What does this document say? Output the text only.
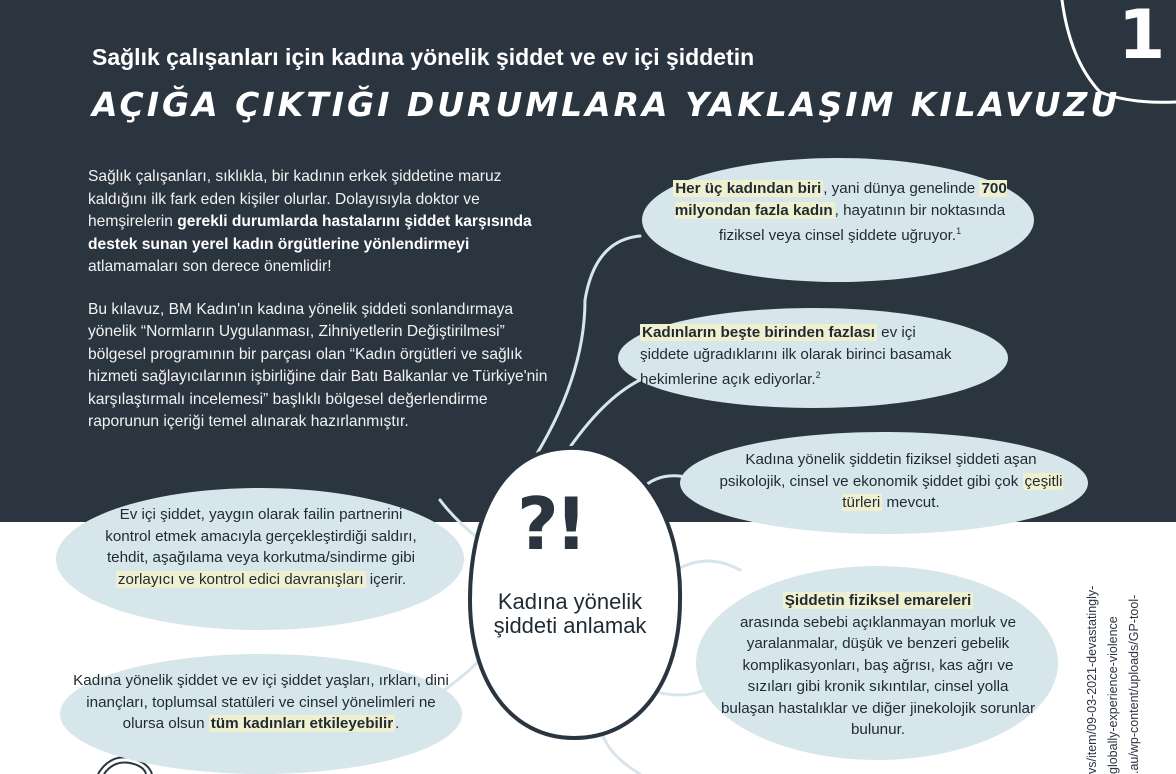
Sağlık çalışanları için kadına yönelik şiddet ve ev içi şiddetin
AÇIĞA ÇIKTIĞI DURUMLARA YAKLAŞIM KILAVUZU
1

Sağlık çalışanları, sıklıkla, bir kadının erkek şiddetine maruz kaldığını ilk fark eden kişiler olurlar. Dolayısıyla doktor ve hemşirelerin gerekli durumlarda hastalarını şiddet karşısında destek sunan yerel kadın örgütlerine yönlendirmeyi atlamamaları son derece önemlidir!

Bu kılavuz, BM Kadın'ın kadına yönelik şiddeti sonlandırmaya yönelik “Normların Uygulanması, Zihniyetlerin Değiştirilmesi” bölgesel programının bir parçası olan “Kadın örgütleri ve sağlık hizmeti sağlayıcılarının işbirliğine dair Batı Balkanlar ve Türkiye'nin karşılaştırmalı incelemesi” başlıklı bölgesel değerlendirme raporunun içeriği temel alınarak hazırlanmıştır.

Her üç kadından biri , yani dünya genelinde 700 milyondan fazla kadın , hayatının bir noktasında fiziksel veya cinsel şiddete uğruyor.$^1$
Kadınların beşte birinden fazlası ev içi şiddete uğradıklarını ilk olarak birinci basamak hekimlerine açık ediyorlar.$^2$
Kadına yönelik şiddetin fiziksel şiddeti aşan psikolojik, cinsel ve ekonomik şiddet gibi çok çeşitli türleri mevcut.
Ev içi şiddet, yaygın olarak failin partnerini kontrol etmek amacıyla gerçekleştirdiği saldırı, tehdit, aşağılama veya korkutma/sindirme gibi zorlayıcı ve kontrol edici davranışları içerir.
Kadına yönelik şiddet ve ev içi şiddet yaşları, ırkları, dini inançları, toplumsal statüleri ve cinsel yönelimleri ne olursa olsun tüm kadınları etkileyebilir .
Şiddetin fiziksel emareleri
arasında sebebi açıklanmayan morluk ve yaralanmalar, düşük ve benzeri gebelik komplikasyonları, baş ağrısı, kas ağrı ve sızıları gibi kronik sıkıntılar, cinsel yolla bulaşan hastalıklar ve diğer jinekolojik sorunlar bulunur.
?!
Kadına yönelik şiddeti anlamak	vs/item/09-03-2021-devastatingly- globally-experience-violence .au/wp-content/uploads/GP-tool-
